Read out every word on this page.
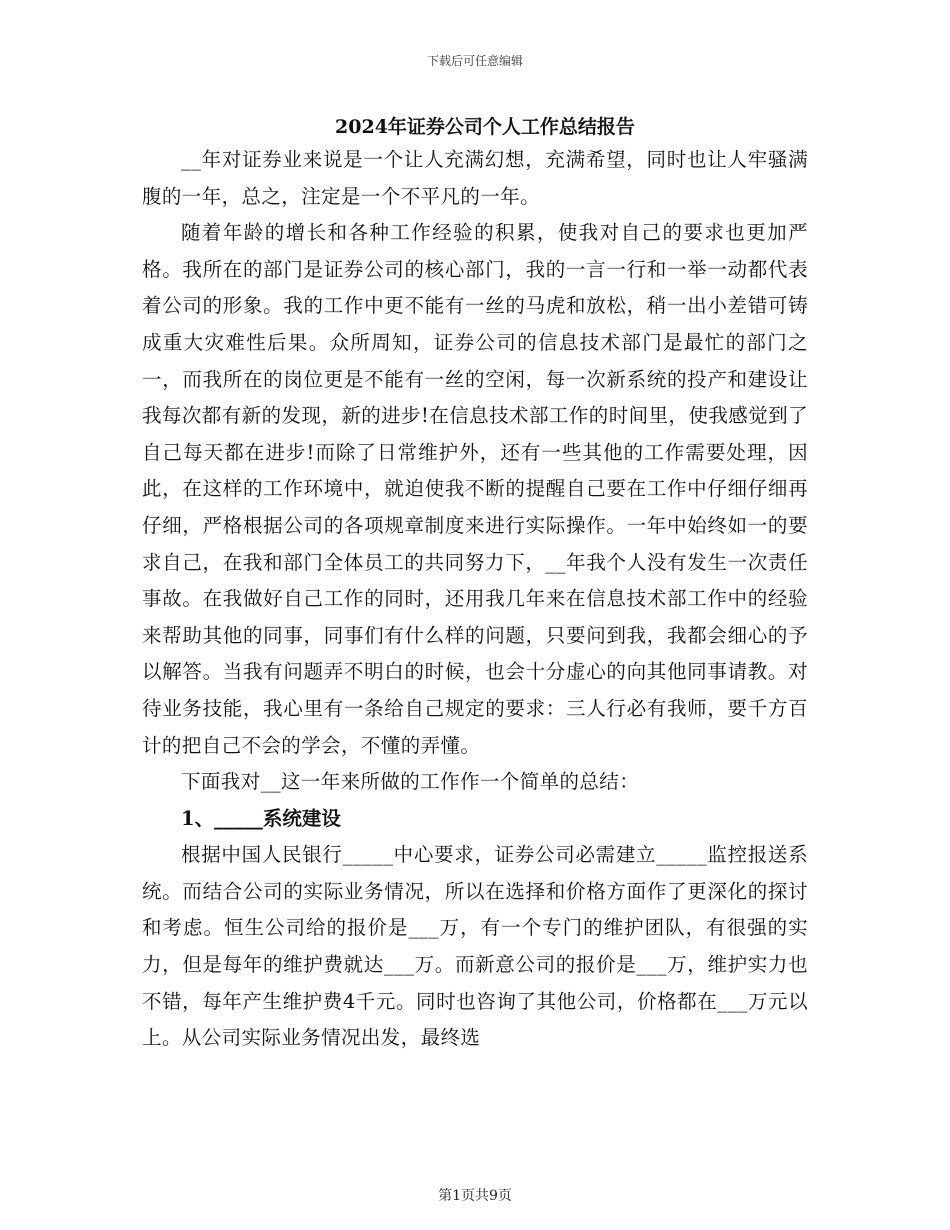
下载后可任意编辑
2024年证券公司个人工作总结报告

__年对证券业来说是一个让人充满幻想，充满希望，同时也让人牢骚满腹的一年，总之，注定是一个不平凡的一年。

随着年龄的增长和各种工作经验的积累，使我对自己的要求也更加严格。我所在的部门是证券公司的核心部门，我的一言一行和一举一动都代表着公司的形象。我的工作中更不能有一丝的马虎和放松，稍一出小差错可铸成重大灾难性后果。众所周知，证券公司的信息技术部门是最忙的部门之一，而我所在的岗位更是不能有一丝的空闲，每一次新系统的投产和建设让我每次都有新的发现，新的进步!在信息技术部工作的时间里，使我感觉到了自己每天都在进步!而除了日常维护外，还有一些其他的工作需要处理，因此，在这样的工作环境中，就迫使我不断的提醒自己要在工作中仔细仔细再仔细，严格根据公司的各项规章制度来进行实际操作。一年中始终如一的要求自己，在我和部门全体员工的共同努力下，__年我个人没有发生一次责任事故。在我做好自己工作的同时，还用我几年来在信息技术部工作中的经验来帮助其他的同事，同事们有什么样的问题，只要问到我，我都会细心的予以解答。当我有问题弄不明白的时候，也会十分虚心的向其他同事请教。对待业务技能，我心里有一条给自己规定的要求：三人行必有我师，要千方百计的把自己不会的学会，不懂的弄懂。

下面我对__这一年来所做的工作作一个简单的总结：

1、_____系统建设

根据中国人民银行_____中心要求，证券公司必需建立_____监控报送系统。而结合公司的实际业务情况，所以在选择和价格方面作了更深化的探讨和考虑。恒生公司给的报价是___万，有一个专门的维护团队，有很强的实力，但是每年的维护费就达___万。而新意公司的报价是___万，维护实力也不错，每年产生维护费4千元。同时也咨询了其他公司，价格都在___万元以上。从公司实际业务情况出发，最终选

第1页共9页
